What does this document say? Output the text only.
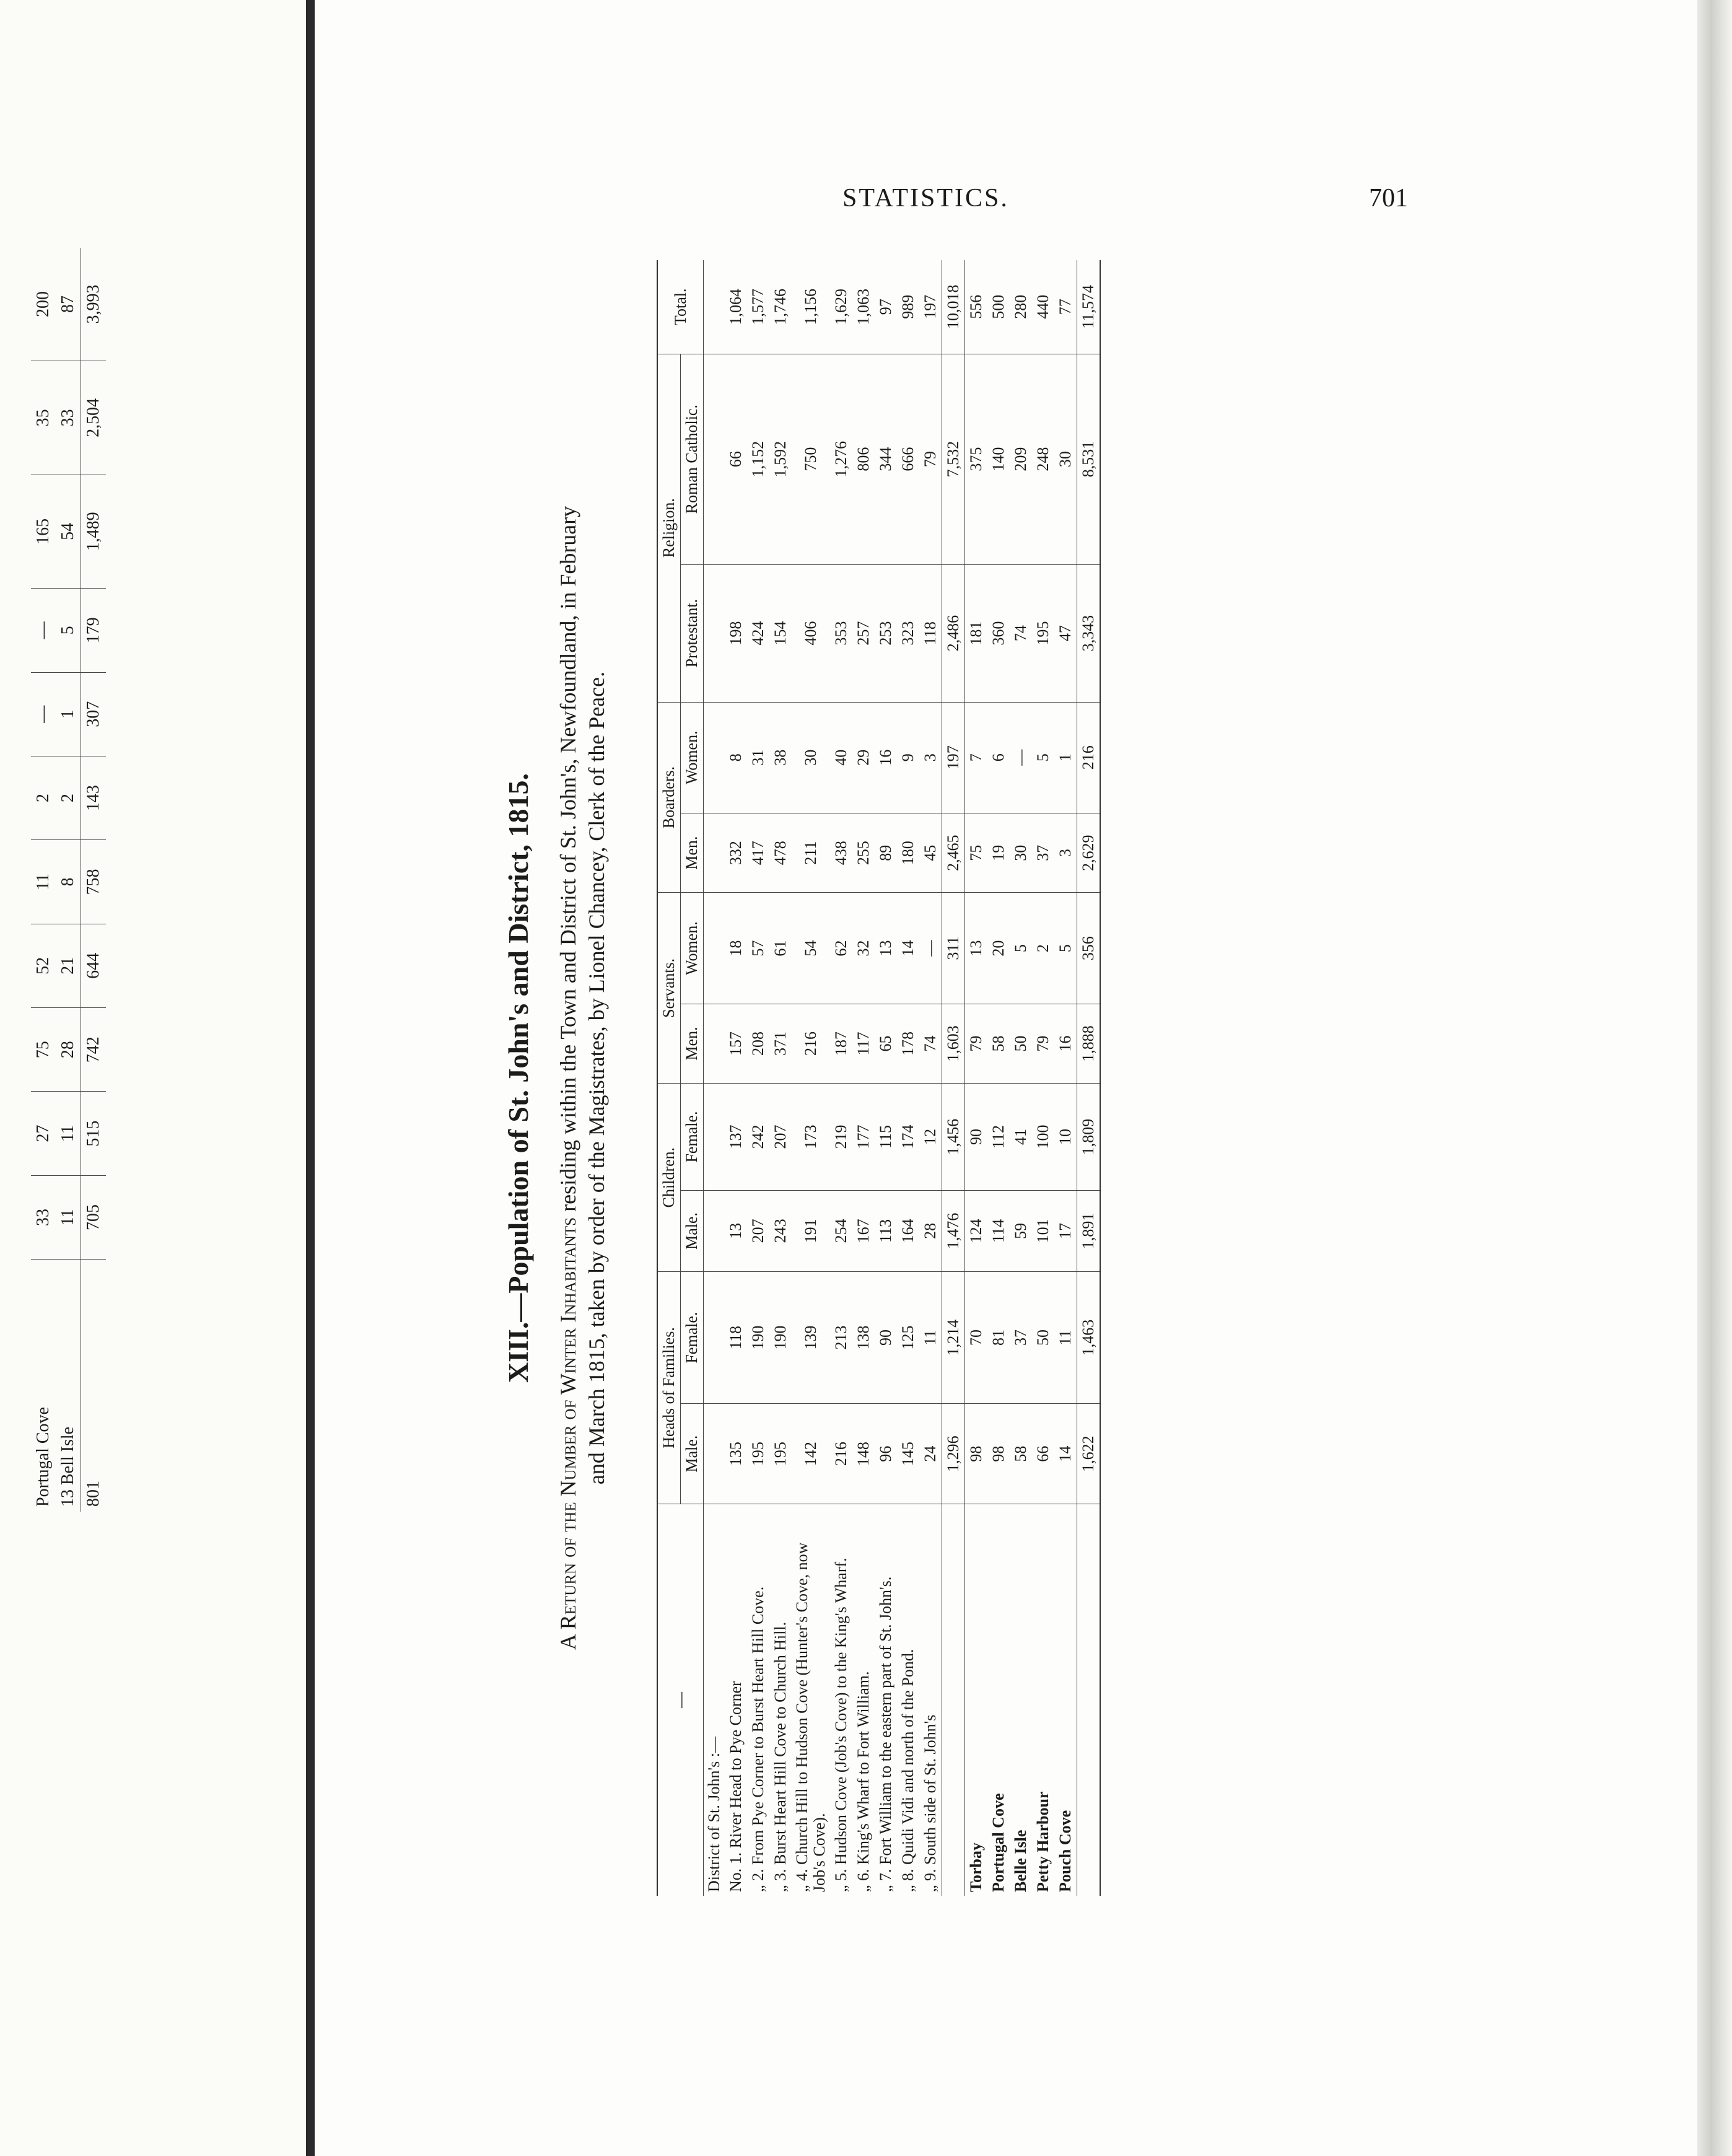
Portugal Cove	33	27	75	52	11	2	—	—	165	35	200
13 Bell Isle	11	11	28	21	8	2	1	5	54	33	87
801	705	515	742	644	758	143	307	179	1,489	2,504	3,993
STATISTICS.	701
XIII.—Population of St. John's and District, 1815.
A Return of the Number of Winter Inhabitants residing within the Town and District of St. John's, Newfoundland, in February and March 1815, taken by order of the Magistrates, by Lionel Chancey, Clerk of the Peace.
—	Heads of Families.		Children.		Servants.		Boarders.		Religion.		Total.
	Male.	Female.	Male.	Female.	Men.	Women.	Men.	Women.	Protestant.	Roman Catholic.	
District of St. John's :—											
No. 1. River Head to Pye Corner	135	118	13	137	157	18	332	8	198	66	1,064
„ 2. From Pye Corner to Burst Heart Hill Cove.	195	190	207	242	208	57	417	31	424	1,152	1,577
„ 3. Burst Heart Hill Cove to Church Hill.	195	190	243	207	371	61	478	38	154	1,592	1,746
„ 4. Church Hill to Hudson Cove (Hunter's Cove, now Job's Cove).	142	139	191	173	216	54	211	30	406	750	1,156
„ 5. Hudson Cove (Job's Cove) to the King's Wharf.	216	213	254	219	187	62	438	40	353	1,276	1,629
„ 6. King's Wharf to Fort William.	148	138	167	177	117	32	255	29	257	806	1,063
„ 7. Fort William to the eastern part of St. John's.	96	90	113	115	65	13	89	16	253	344	97
„ 8. Quidi Vidi and north of the Pond.	145	125	164	174	178	14	180	9	323	666	989
„ 9. South side of St. John's	24	11	28	12	74	—	45	3	118	79	197
	1,296	1,214	1,476	1,456	1,603	311	2,465	197	2,486	7,532	10,018
Torbay	98	70	124	90	79	13	75	7	181	375	556
Portugal Cove	98	81	114	112	58	20	19	6	360	140	500
Belle Isle	58	37	59	41	50	5	30	—	74	209	280
Petty Harbour	66	50	101	100	79	2	37	5	195	248	440
Pouch Cove	14	11	17	10	16	5	3	1	47	30	77
	1,622	1,463	1,891	1,809	1,888	356	2,629	216	3,343	8,531	11,574
